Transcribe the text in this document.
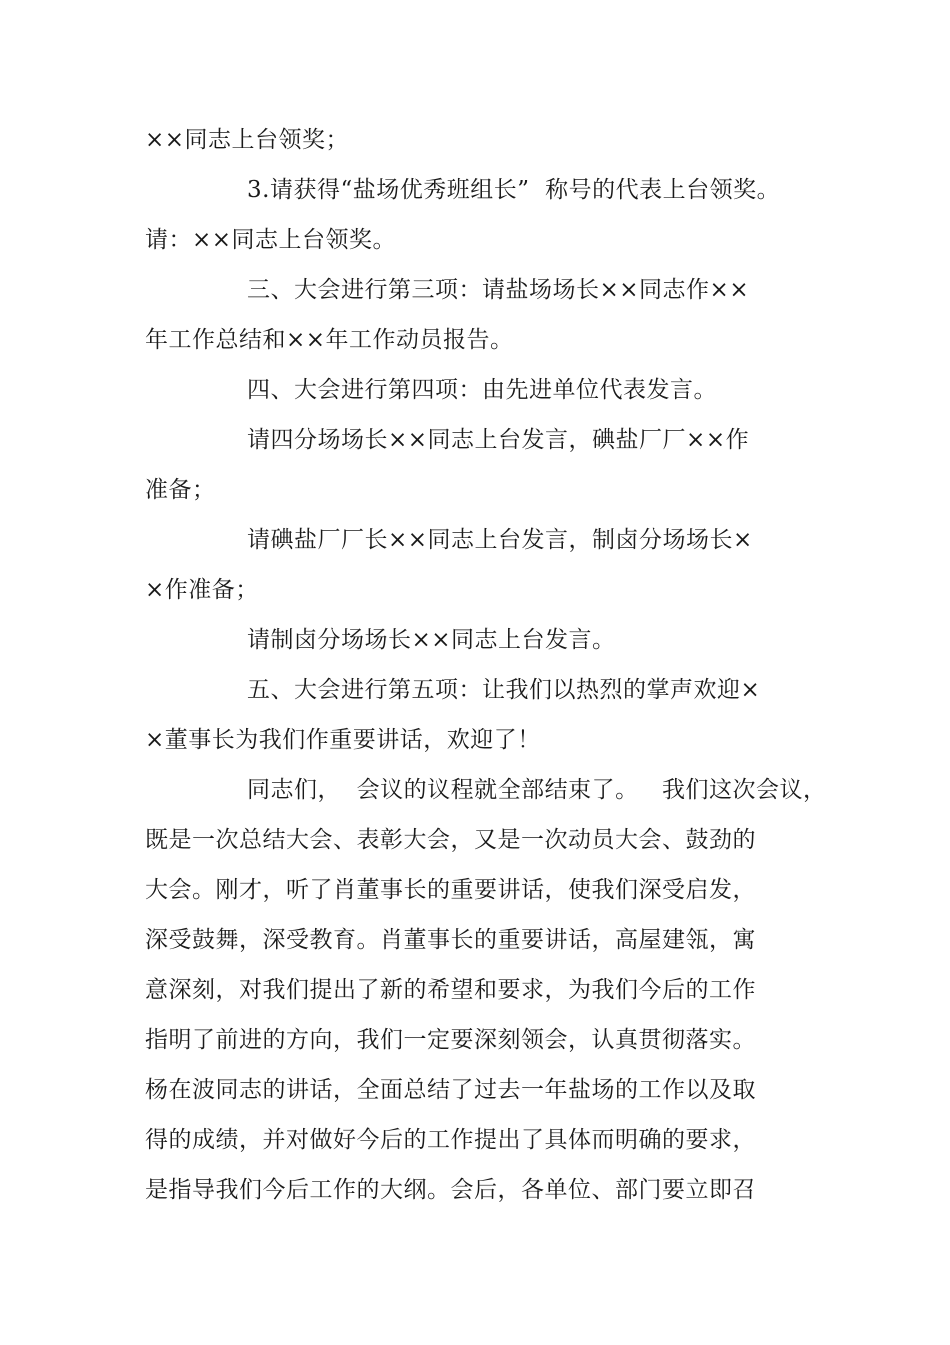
××同志上台领奖；
3.请获得“盐场优秀班组长”  称号的代表上台领奖。
请：××同志上台领奖。
三、大会进行第三项：请盐场场长××同志作××
年工作总结和××年工作动员报告。
四、大会进行第四项：由先进单位代表发言。
请四分场场长××同志上台发言，碘盐厂厂××作
准备；
请碘盐厂厂长××同志上台发言，制卤分场场长×
×作准备；
请制卤分场场长××同志上台发言。
五、大会进行第五项：让我们以热烈的掌声欢迎×
×董事长为我们作重要讲话，欢迎了！
同志们，  会议的议程就全部结束了。   我们这次会议，
既是一次总结大会、表彰大会，又是一次动员大会、鼓劲的
大会。刚才，听了肖董事长的重要讲话，使我们深受启发，
深受鼓舞，深受教育。肖董事长的重要讲话，高屋建瓴，寓
意深刻，对我们提出了新的希望和要求，为我们今后的工作
指明了前进的方向，我们一定要深刻领会，认真贯彻落实。
杨在波同志的讲话，全面总结了过去一年盐场的工作以及取
得的成绩，并对做好今后的工作提出了具体而明确的要求，
是指导我们今后工作的大纲。会后，各单位、部门要立即召
